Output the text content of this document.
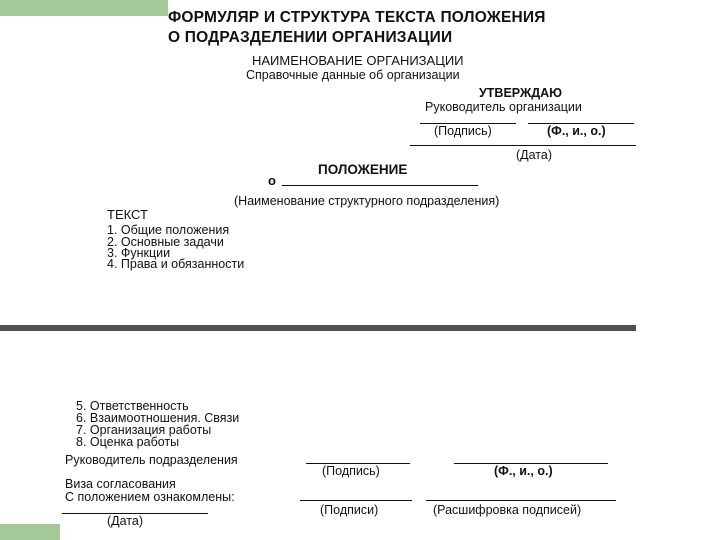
ФОРМУЛЯР И СТРУКТУРА ТЕКСТА ПОЛОЖЕНИЯ
О ПОДРАЗДЕЛЕНИИ ОРГАНИЗАЦИИ
НАИМЕНОВАНИЕ ОРГАНИЗАЦИИ
Справочные данные об организации
УТВЕРЖДАЮ
Руководитель организации
(Подпись)	(Ф., и., о.)
(Дата)
ПОЛОЖЕНИЕ
о
(Наименование структурного подразделения)
ТЕКСТ
1. Общие положения
2. Основные задачи
3. Функции
4. Права и обязанности
5. Ответственность
6. Взаимоотношения. Связи
7. Организация работы
8. Оценка работы
Руководитель подразделения
(Подпись)	(Ф., и., о.)
Виза согласования
С положением ознакомлены:
(Подписи)	(Расшифровка подписей)
(Дата)
